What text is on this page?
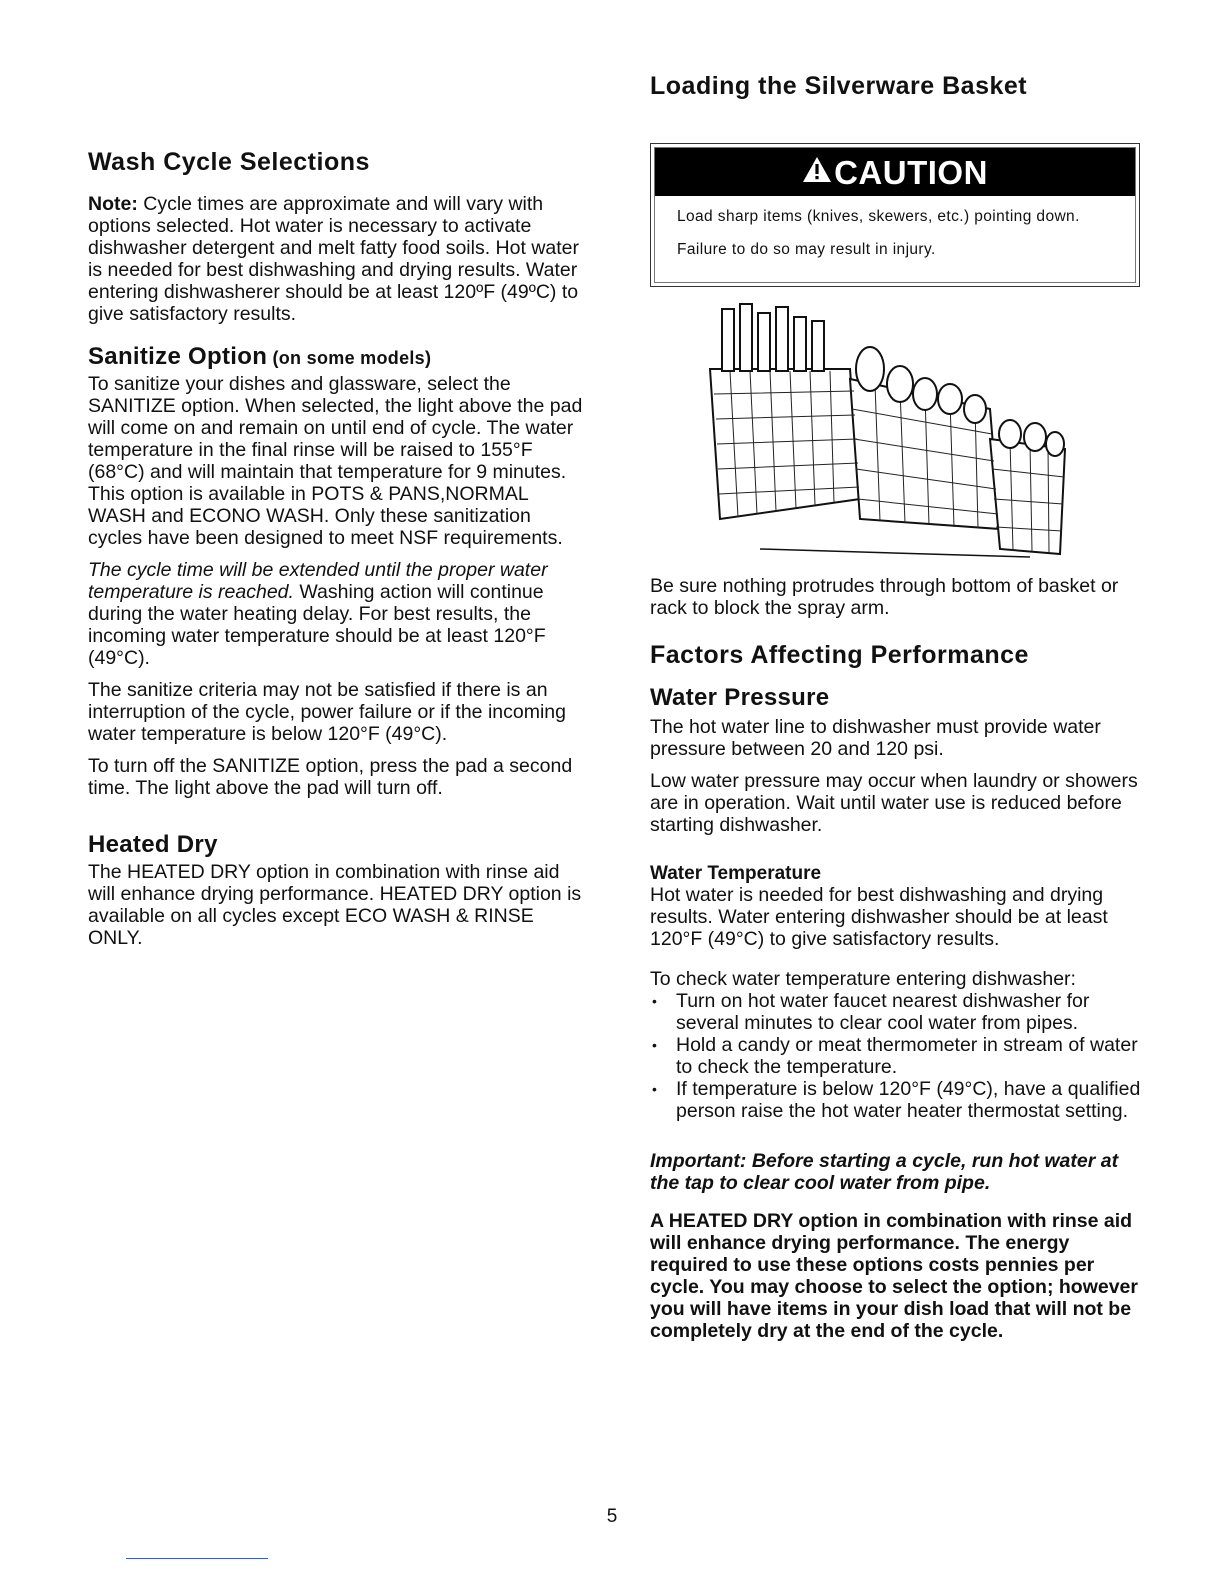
Wash Cycle Selections

Note: Cycle times are approximate and will vary with options selected. Hot water is necessary to activate dishwasher detergent and melt fatty food soils. Hot water is needed for best dishwashing and drying results. Water entering dishwasherer should be at least 120ºF (49ºC) to give satisfactory results.

Sanitize Option (on some models)

To sanitize your dishes and glassware, select the SANITIZE option. When selected, the light above the pad will come on and remain on until end of cycle. The water temperature in the final rinse will be raised to 155°F (68°C) and will maintain that temperature for 9 minutes. This option is available in POTS & PANS,NORMAL WASH and ECONO WASH. Only these sanitization cycles have been designed to meet NSF requirements.

The cycle time will be extended until the proper water temperature is reached. Washing action will continue during the water heating delay. For best results, the incoming water temperature should be at least 120°F (49°C).

The sanitize criteria may not be satisfied if there is an interruption of the cycle, power failure or if the incoming water temperature is below 120°F (49°C).

To turn off the SANITIZE option, press the pad a second time. The light above the pad will turn off.

Heated Dry

The HEATED DRY option in combination with rinse aid will enhance drying performance. HEATED DRY option is available on all cycles except ECO WASH & RINSE ONLY.

Loading the Silverware Basket
CAUTION

Load sharp items (knives, skewers, etc.) pointing down.

Failure to do so may result in injury.

Be sure nothing protrudes through bottom of basket or rack to block the spray arm.

Factors Affecting Performance
Water Pressure

The hot water line to dishwasher must provide water pressure between 20 and 120 psi.

Low water pressure may occur when laundry or showers are in operation. Wait until water use is reduced before starting dishwasher.

Water Temperature

Hot water is needed for best dishwashing and drying results. Water entering dishwasher should be at least 120°F (49°C) to give satisfactory results.

To check water temperature entering dishwasher:

• Turn on hot water faucet nearest dishwasher for several minutes to clear cool water from pipes.
• Hold a candy or meat thermometer in stream of water to check the temperature.
• If temperature is below 120°F (49°C), have a qualified person raise the hot water heater thermostat setting.

Important: Before starting a cycle, run hot water at the tap to clear cool water from pipe.

A HEATED DRY option in combination with rinse aid will enhance drying performance. The energy required to use these options costs pennies per cycle. You may choose to select the option; however you will have items in your dish load that will not be completely dry at the end of the cycle.

5
